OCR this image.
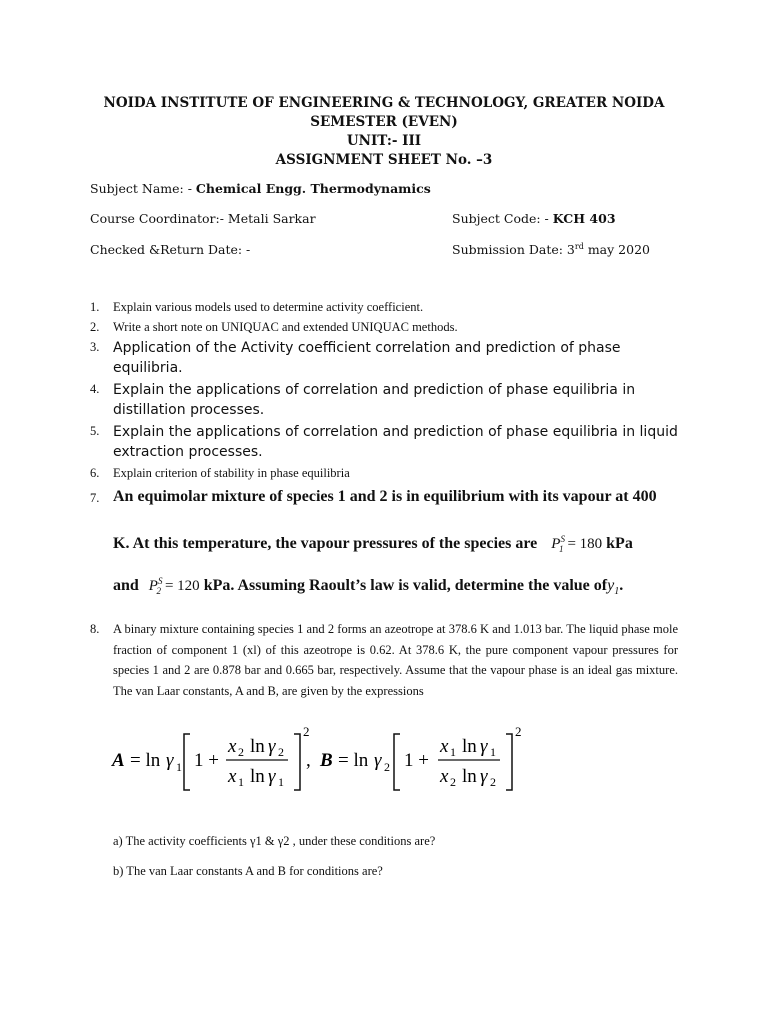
NOIDA INSTITUTE OF ENGINEERING & TECHNOLOGY, GREATER NOIDA
SEMESTER (EVEN)
UNIT:- III
ASSIGNMENT SHEET No. –3
Subject Name: - Chemical Engg. Thermodynamics
Course Coordinator:- Metali Sarkar	Subject Code: - KCH 403
Checked &Return Date: -	Submission Date: 3rd may 2020
1. Explain various models used to determine activity coefficient.
2. Write a short note on UNIQUAC and extended UNIQUAC methods.
3. Application of the Activity coefficient correlation and prediction of phase equilibria.
4. Explain the applications of correlation and prediction of phase equilibria in distillation processes.
5. Explain the applications of correlation and prediction of phase equilibria in liquid extraction processes.
6. Explain criterion of stability in phase equilibria
7. An equimolar mixture of species 1 and 2 is in equilibrium with its vapour at 400
K. At this temperature, the vapour pressures of the species are $P^S_1 = 180$ kPa
and $P^S_2 = 120$ kPa. Assuming Raoult’s law is valid, determine the value ofy$_1$.
8. A binary mixture containing species 1 and 2 forms an azeotrope at 378.6 K and 1.013 bar. The liquid phase mole fraction of component 1 (xl) of this azeotrope is 0.62. At 378.6 K, the pure component vapour pressures for species 1 and 2 are 0.878 bar and 0.665 bar, respectively. Assume that the vapour phase is an ideal gas mixture. The van Laar constants, A and B, are given by the expressions
A = ln γ 1 1 +
x 2 ln γ 2
x 1 ln γ 1
2
, B = ln γ 2 1 +
x 1 ln γ 1
x 2 ln γ 2
2
a) The activity coefficients γ1 & γ2 , under these conditions are?
b) The van Laar constants A and B for conditions are?
